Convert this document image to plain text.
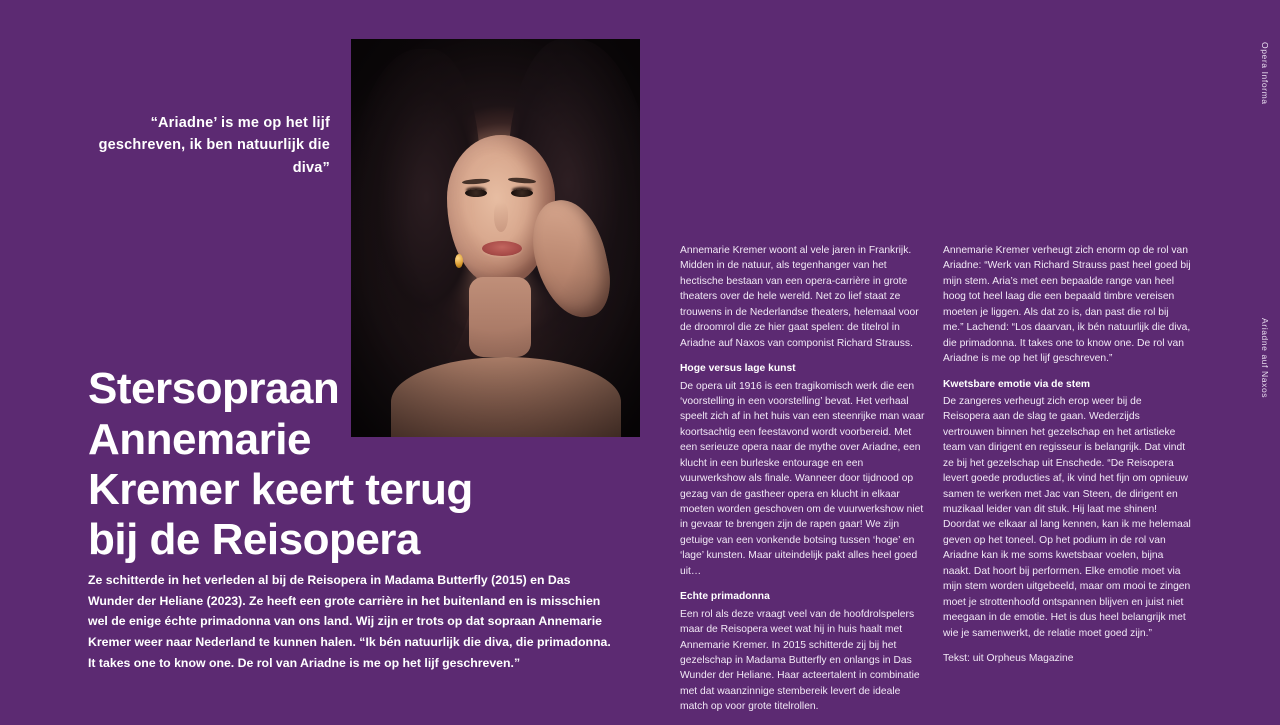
“Ariadne’ is me op het lijf geschreven, ik ben natuurlijk die diva”
Stersopraan
Annemarie
Kremer keert terug
bij de Reisopera
Ze schitterde in het verleden al bij de Reisopera in Madama Butterfly (2015) en Das Wunder der Heliane (2023). Ze heeft een grote carrière in het buitenland en is misschien wel de enige échte primadonna van ons land. Wij zijn er trots op dat sopraan Annemarie Kremer weer naar Nederland te kunnen halen. “Ik bén natuurlijk die diva, die primadonna. It takes one to know one. De rol van Ariadne is me op het lijf geschreven.”

Annemarie Kremer woont al vele jaren in Frankrijk. Midden in de natuur, als tegenhanger van het hectische bestaan van een opera-carrière in grote theaters over de hele wereld. Net zo lief staat ze trouwens in de Nederlandse theaters, helemaal voor de droomrol die ze hier gaat spelen: de titelrol in Ariadne auf Naxos van componist Richard Strauss.

Hoge versus lage kunst

De opera uit 1916 is een tragikomisch werk die een ‘voorstelling in een voorstelling’ bevat. Het verhaal speelt zich af in het huis van een steenrijke man waar koortsachtig een feestavond wordt voorbereid. Met een serieuze opera naar de mythe over Ariadne, een klucht in een burleske entourage en een vuurwerkshow als finale. Wanneer door tijdnood op gezag van de gastheer opera en klucht in elkaar moeten worden geschoven om de vuurwerkshow niet in gevaar te brengen zijn de rapen gaar! We zijn getuige van een vonkende botsing tussen ‘hoge’ en ‘lage’ kunsten. Maar uiteindelijk pakt alles heel goed uit…

Echte primadonna

Een rol als deze vraagt veel van de hoofdrolspelers maar de Reisopera weet wat hij in huis haalt met Annemarie Kremer. In 2015 schitterde zij bij het gezelschap in Madama Butterfly en onlangs in Das Wunder der Heliane. Haar acteertalent in combinatie met dat waanzinnige stembereik levert de ideale match op voor grote titelrollen.

Annemarie Kremer verheugt zich enorm op de rol van Ariadne: “Werk van Richard Strauss past heel goed bij mijn stem. Aria’s met een bepaalde range van heel hoog tot heel laag die een bepaald timbre vereisen moeten je liggen. Als dat zo is, dan past die rol bij me.” Lachend: “Los daarvan, ik bén natuurlijk die diva, die primadonna. It takes one to know one. De rol van Ariadne is me op het lijf geschreven.”

Kwetsbare emotie via de stem

De zangeres verheugt zich erop weer bij de Reisopera aan de slag te gaan. Wederzijds vertrouwen binnen het gezelschap en het artistieke team van dirigent en regisseur is belangrijk. Dat vindt ze bij het gezelschap uit Enschede. “De Reisopera levert goede producties af, ik vind het fijn om opnieuw samen te werken met Jac van Steen, de dirigent en muzikaal leider van dit stuk. Hij laat me shinen! Doordat we elkaar al lang kennen, kan ik me helemaal geven op het toneel. Op het podium in de rol van Ariadne kan ik me soms kwetsbaar voelen, bijna naakt. Dat hoort bij performen. Elke emotie moet via mijn stem worden uitgebeeld, maar om mooi te zingen moet je strottenhoofd ontspannen blijven en juist niet meegaan in de emotie. Het is dus heel belangrijk met wie je samenwerkt, de relatie moet goed zijn.”

Tekst: uit Orpheus Magazine
Opera Informa
Ariadne auf Naxos
